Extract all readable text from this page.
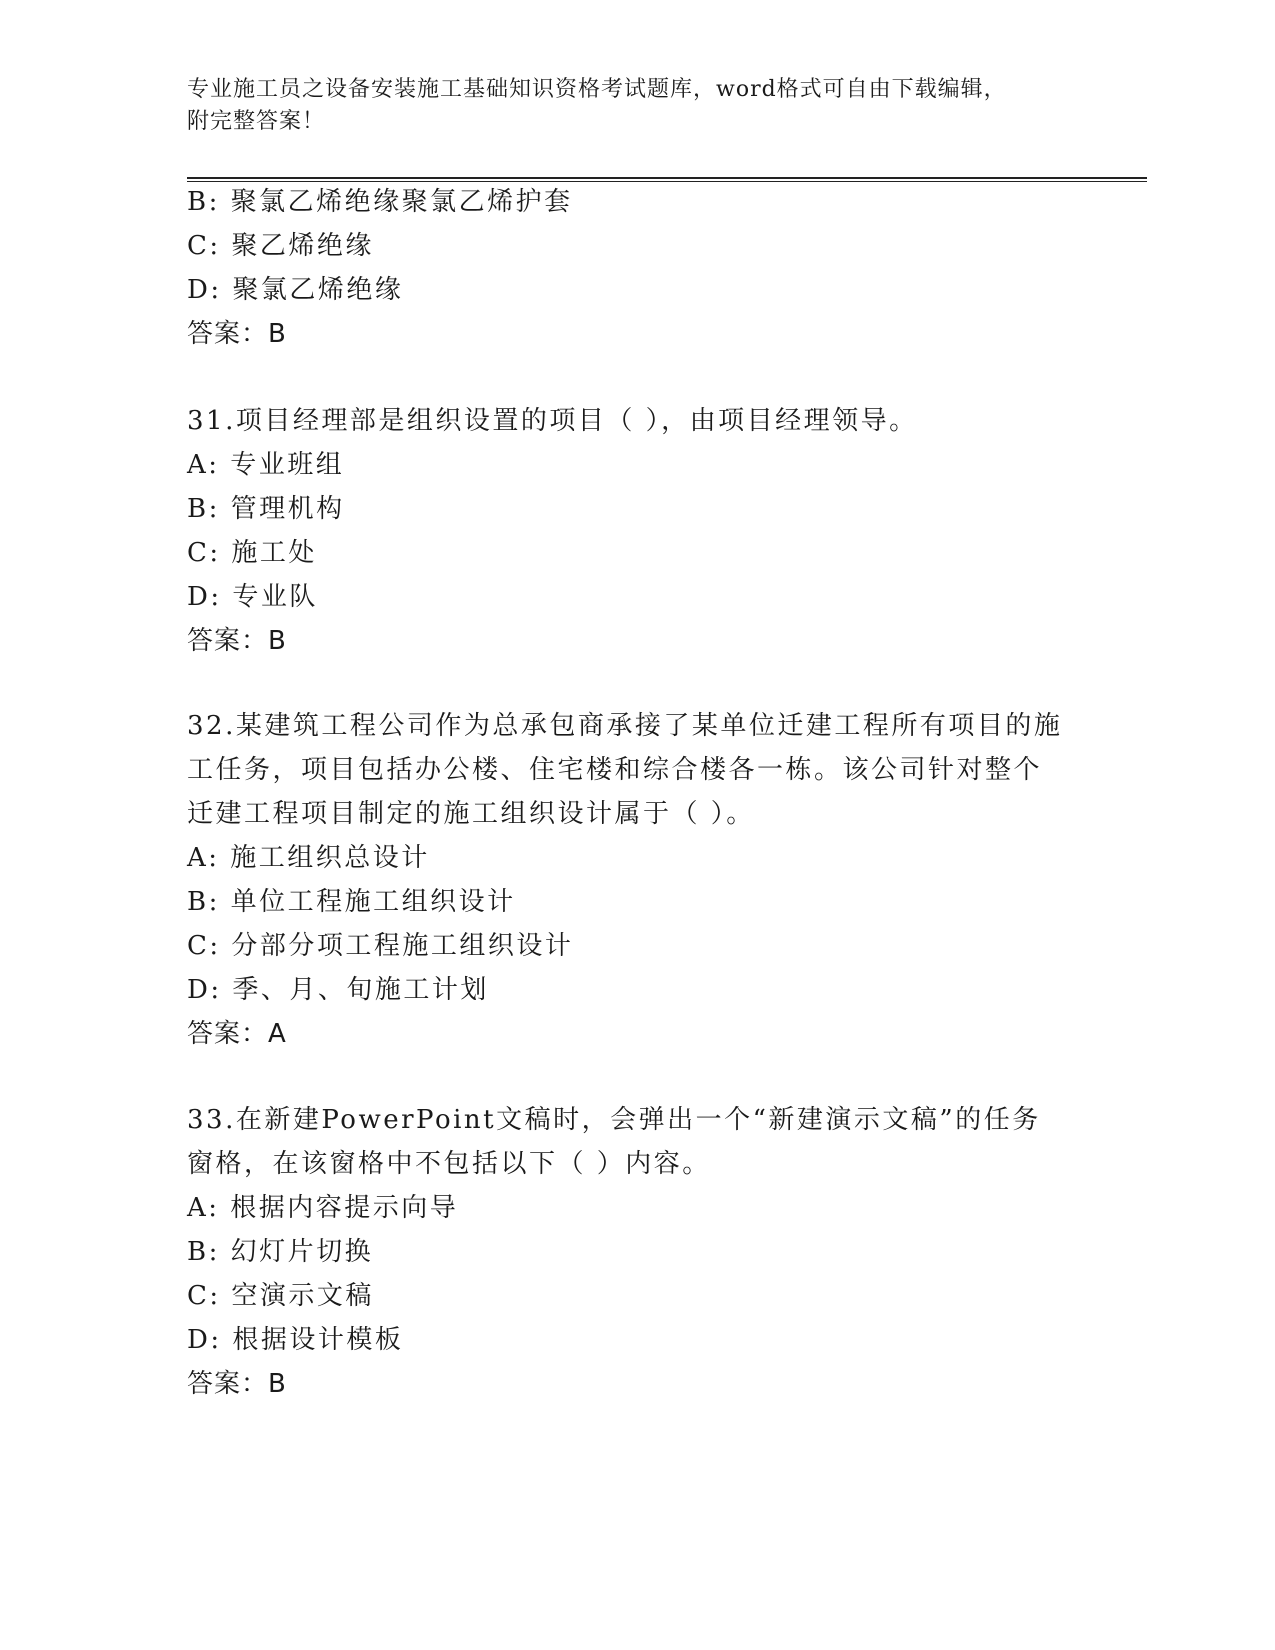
专业施工员之设备安装施工基础知识资格考试题库，word格式可自由下载编辑，
附完整答案！
B: 聚氯乙烯绝缘聚氯乙烯护套
C: 聚乙烯绝缘
D: 聚氯乙烯绝缘
答案：B
31.项目经理部是组织设置的项目（ ），由项目经理领导。
A: 专业班组
B: 管理机构
C: 施工处
D: 专业队
答案：B
32.某建筑工程公司作为总承包商承接了某单位迁建工程所有项目的施
工任务，项目包括办公楼、住宅楼和综合楼各一栋。该公司针对整个
迁建工程项目制定的施工组织设计属于（ ）。
A: 施工组织总设计
B: 单位工程施工组织设计
C: 分部分项工程施工组织设计
D: 季、月、旬施工计划
答案：A
33.在新建PowerPoint文稿时，会弹出一个“新建演示文稿”的任务
窗格，在该窗格中不包括以下（ ）内容。
A: 根据内容提示向导
B: 幻灯片切换
C: 空演示文稿
D: 根据设计模板
答案：B
